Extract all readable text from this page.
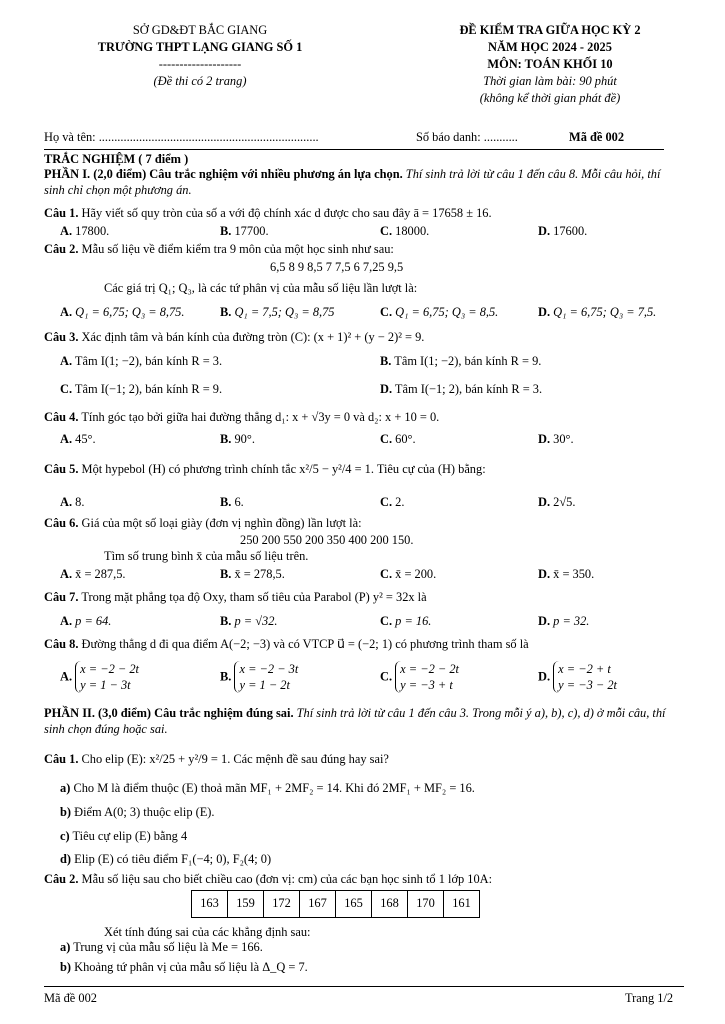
SỞ GD&ĐT BẮC GIANG
TRƯỜNG THPT LẠNG GIANG SỐ 1
--------------------
(Đề thi có 2 trang)
ĐỀ KIỂM TRA GIỮA HỌC KỲ 2
NĂM HỌC 2024 - 2025
MÔN: TOÁN KHỐI 10
Thời gian làm bài: 90 phút
(không kể thời gian phát đề)
Họ và tên: .......................................................................	Số báo danh: ...........	Mã đề 002
TRẮC NGHIỆM ( 7 điểm )
PHẦN I. (2,0 điểm) Câu trắc nghiệm với nhiều phương án lựa chọn. Thí sinh trả lời từ câu 1 đến câu 8. Mỗi câu hỏi, thí sinh chỉ chọn một phương án.
Câu 1. Hãy viết số quy tròn của số a với độ chính xác d được cho sau đây ā = 17658 ± 16.
A. 17800.	B. 17700.	C. 18000.	D. 17600.
Câu 2. Mẫu số liệu về điểm kiểm tra 9 môn của một học sinh như sau:
6,5 8 9 8,5 7 7,5 6 7,25 9,5
Các giá trị Q₁; Q₃, là các tứ phân vị của mẫu số liệu lần lượt là:
A. Q₁ = 6,75; Q₃ = 8,75.	B. Q₁ = 7,5; Q₃ = 8,75	C. Q₁ = 6,75; Q₃ = 8,5.	D. Q₁ = 6,75; Q₃ = 7,5.
Câu 3. Xác định tâm và bán kính của đường tròn (C): (x + 1)² + (y − 2)² = 9.
A. Tâm I(1; −2), bán kính R = 3.	B. Tâm I(1; −2), bán kính R = 9.
C. Tâm I(−1; 2), bán kính R = 9.	D. Tâm I(−1; 2), bán kính R = 3.
Câu 4. Tính góc tạo bởi giữa hai đường thẳng d₁: x + √3y = 0 và d₂: x + 10 = 0.
A. 45°.	B. 90°.	C. 60°.	D. 30°.
Câu 5. Một hypebol (H) có phương trình chính tắc x²/5 − y²/4 = 1. Tiêu cự của (H) bằng:
A. 8.	B. 6.	C. 2.	D. 2√5.
Câu 6. Giá của một số loại giày (đơn vị nghìn đồng) lần lượt là:
250 200 550 200 350 400 200 150.
Tìm số trung bình x̄ của mẫu số liệu trên.
A. x̄ = 287,5.	B. x̄ = 278,5.	C. x̄ = 200.	D. x̄ = 350.
Câu 7. Trong mặt phẳng tọa độ Oxy, tham số tiêu của Parabol (P) y² = 32x là
A. p = 64.	B. p = √32.	C. p = 16.	D. p = 32.
Câu 8. Đường thẳng d đi qua điểm A(−2; −3) và có VTCP u⃗ = (−2; 1) có phương trình tham số là
A. x = −2 − 2t
y = 1 − 3t
B. x = −2 − 3t
y = 1 − 2t
C. x = −2 − 2t
y = −3 + t
D. x = −2 + t
y = −3 − 2t
PHẦN II. (3,0 điểm) Câu trắc nghiệm đúng sai. Thí sinh trả lời từ câu 1 đến câu 3. Trong mỗi ý a), b), c), d) ở mỗi câu, thí sinh chọn đúng hoặc sai.
Câu 1. Cho elip (E): x²/25 + y²/9 = 1. Các mệnh đề sau đúng hay sai?
a) Cho M là điểm thuộc (E) thoả mãn MF₁ + 2MF₂ = 14. Khi đó 2MF₁ + MF₂ = 16.
b) Điểm A(0; 3) thuộc elip (E).
c) Tiêu cự elip (E) bằng 4
d) Elip (E) có tiêu điểm F₁(−4; 0), F₂(4; 0)
Câu 2. Mẫu số liệu sau cho biết chiều cao (đơn vị: cm) của các bạn học sinh tổ 1 lớp 10A:
163	159	172	167	165	168	170	161
Xét tính đúng sai của các khẳng định sau:
a) Trung vị của mẫu số liệu là Me = 166.
b) Khoảng tứ phân vị của mẫu số liệu là Δ_Q = 7.
Mã đề 002	Trang 1/2
